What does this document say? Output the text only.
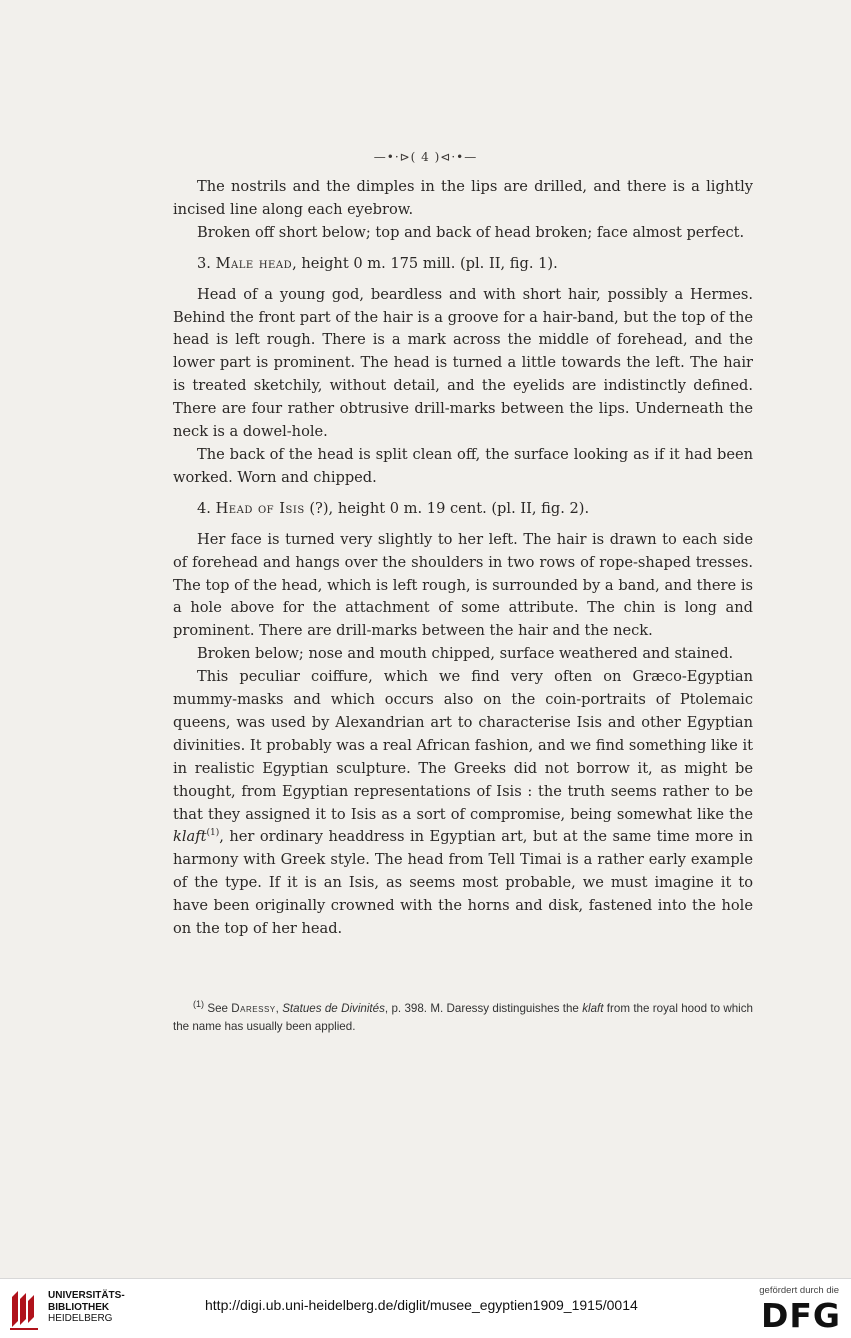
—•·⊳( 4 )⊲·•—

The nostrils and the dimples in the lips are drilled, and there is a lightly incised line along each eyebrow.

Broken off short below; top and back of head broken; face almost perfect.

3. Male head, height 0 m. 175 mill. (pl. II, fig. 1).

Head of a young god, beardless and with short hair, possibly a Hermes. Behind the front part of the hair is a groove for a hair-band, but the top of the head is left rough. There is a mark across the middle of forehead, and the lower part is prominent. The head is turned a little towards the left. The hair is treated sketchily, without detail, and the eyelids are indistinctly defined. There are four rather obtrusive drill-marks between the lips. Underneath the neck is a dowel-hole.

The back of the head is split clean off, the surface looking as if it had been worked. Worn and chipped.

4. Head of Isis (?), height 0 m. 19 cent. (pl. II, fig. 2).

Her face is turned very slightly to her left. The hair is drawn to each side of forehead and hangs over the shoulders in two rows of rope-shaped tresses. The top of the head, which is left rough, is surrounded by a band, and there is a hole above for the attachment of some attribute. The chin is long and prominent. There are drill-marks between the hair and the neck.

Broken below; nose and mouth chipped, surface weathered and stained.

This peculiar coiffure, which we find very often on Græco-Egyptian mummy-masks and which occurs also on the coin-portraits of Ptolemaic queens, was used by Alexandrian art to characterise Isis and other Egyptian divinities. It probably was a real African fashion, and we find something like it in realistic Egyptian sculpture. The Greeks did not borrow it, as might be thought, from Egyptian representations of Isis : the truth seems rather to be that they assigned it to Isis as a sort of compromise, being somewhat like the klaft$^{(1)}$, her ordinary headdress in Egyptian art, but at the same time more in harmony with Greek style. The head from Tell Timai is a rather early example of the type. If it is an Isis, as seems most probable, we must imagine it to have been originally crowned with the horns and disk, fastened into the hole on the top of her head.

$^{(1)}$ See Daressy, Statues de Divinités, p. 398. M. Daressy distinguishes the klaft from the royal hood to which the name has usually been applied.

UNIVERSITÄTS-
BIBLIOTHEK
HEIDELBERG
http://digi.ub.uni-heidelberg.de/diglit/musee_egyptien1909_1915/0014
gefördert durch die
DFG
